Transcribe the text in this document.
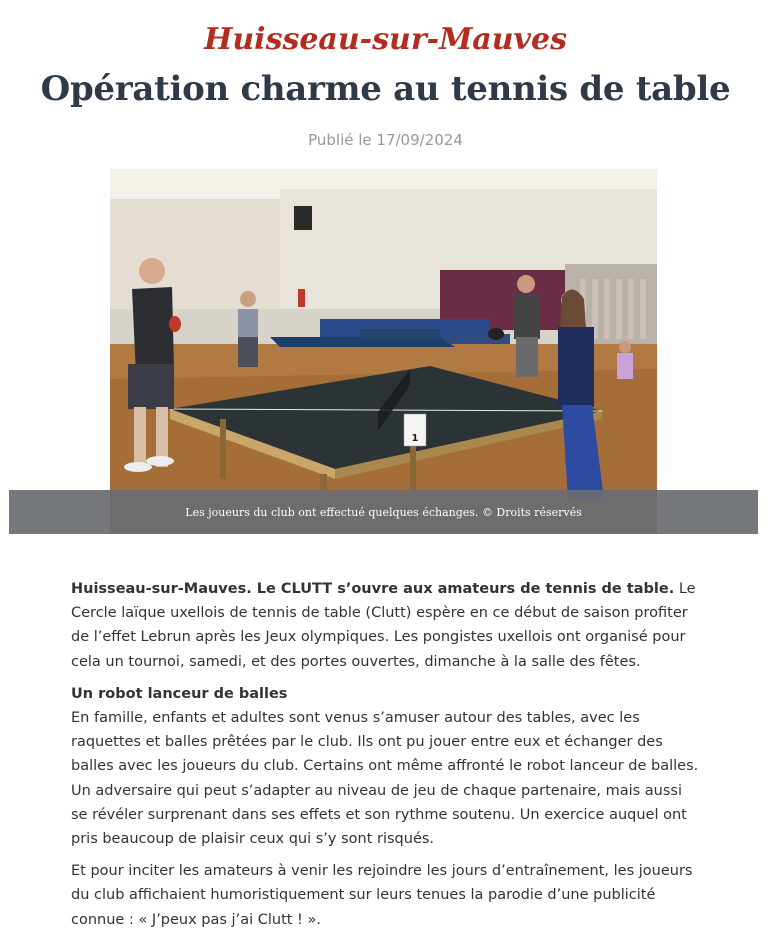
Huisseau-sur-Mauves
Opération charme au tennis de table
Publié le 17/09/2024
1
Les joueurs du club ont effectué quelques échanges. © Droits réservés

Huisseau-sur-Mauves. Le CLUTT s’ouvre aux amateurs de tennis de table. Le Cercle laïque uxellois de tennis de table (Clutt) espère en ce début de saison profiter de l’effet Lebrun après les Jeux olympiques. Les pongistes uxellois ont organisé pour cela un tournoi, samedi, et des portes ouvertes, dimanche à la salle des fêtes.

Un robot lanceur de balles

En famille, enfants et adultes sont venus s’amuser autour des tables, avec les raquettes et balles prêtées par le club. Ils ont pu jouer entre eux et échanger des balles avec les joueurs du club. Certains ont même affronté le robot lanceur de balles. Un adversaire qui peut s’adapter au niveau de jeu de chaque partenaire, mais aussi se révéler surprenant dans ses effets et son rythme soutenu. Un exercice auquel ont pris beaucoup de plaisir ceux qui s’y sont risqués.

Et pour inciter les amateurs à venir les rejoindre les jours d’entraînement, les joueurs du club affichaient humoristiquement sur leurs tenues la parodie d’une publicité connue : « J’peux pas j’ai Clutt ! ».
